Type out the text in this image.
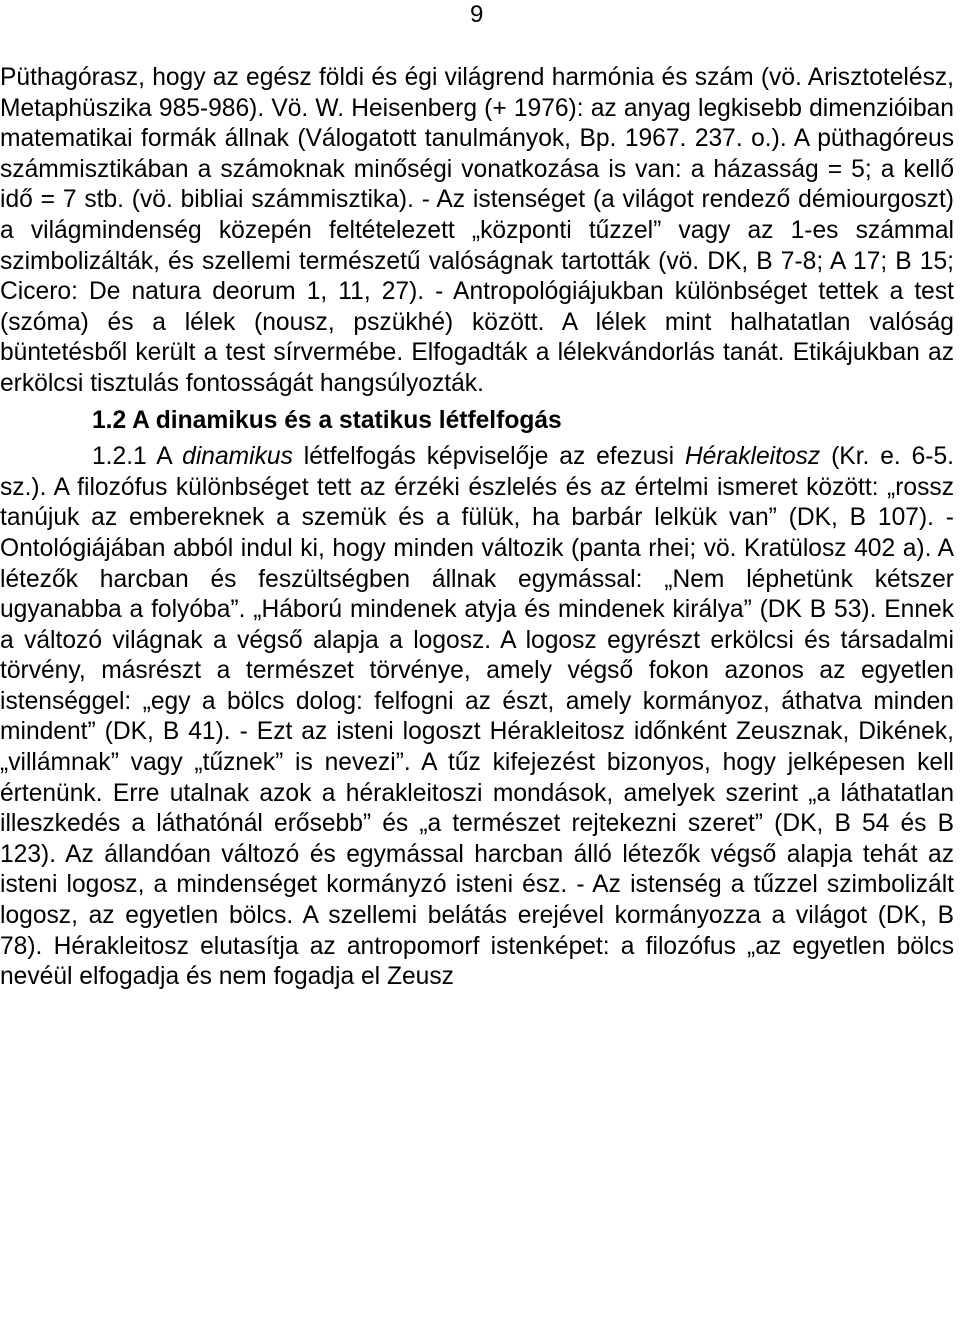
9

Püthagórasz, hogy az egész földi és égi világrend harmónia és szám (vö. Arisztotelész, Metaphüszika 985-986). Vö. W. Heisenberg (+ 1976): az anyag legkisebb dimenzióiban matematikai formák állnak (Válogatott tanulmányok, Bp. 1967. 237. o.). A püthagóreus számmisztikában a számoknak minőségi vonatkozása is van: a házasság = 5; a kellő idő = 7 stb. (vö. bibliai számmisztika). - Az istenséget (a világot rendező démiourgoszt) a világmindenség közepén feltételezett „központi tűzzel” vagy az 1-es számmal szimbolizálták, és szellemi természetű valóságnak tartották (vö. DK, B 7-8; A 17; B 15; Cicero: De natura deorum 1, 11, 27). - Antropológiájukban különbséget tettek a test (szóma) és a lélek (nousz, pszükhé) között. A lélek mint halhatatlan valóság büntetésből került a test sírvermébe. Elfogadták a lélekvándorlás tanát. Etikájukban az erkölcsi tisztulás fontosságát hangsúlyozták.

1.2 A dinamikus és a statikus létfelfogás

1.2.1 A dinamikus létfelfogás képviselője az efezusi Hérakleitosz (Kr. e. 6-5. sz.). A filozófus különbséget tett az érzéki észlelés és az értelmi ismeret között: „rossz tanújuk az embereknek a szemük és a fülük, ha barbár lelkük van” (DK, B 107). - Ontológiájában abból indul ki, hogy minden változik (panta rhei; vö. Kratülosz 402 a). A létezők harcban és feszültségben állnak egymással: „Nem léphetünk kétszer ugyanabba a folyóba”. „Háború mindenek atyja és mindenek királya” (DK B 53). Ennek a változó világnak a végső alapja a logosz. A logosz egyrészt erkölcsi és társadalmi törvény, másrészt a természet törvénye, amely végső fokon azonos az egyetlen istenséggel: „egy a bölcs dolog: felfogni az észt, amely kormányoz, áthatva minden mindent” (DK, B 41). - Ezt az isteni logoszt Hérakleitosz időnként Zeusznak, Dikének, „villámnak” vagy „tűznek” is nevezi”. A tűz kifejezést bizonyos, hogy jelképesen kell értenünk. Erre utalnak azok a hérakleitoszi mondások, amelyek szerint „a láthatatlan illeszkedés a láthatónál erősebb” és „a természet rejtekezni szeret” (DK, B 54 és B 123). Az állandóan változó és egymással harcban álló létezők végső alapja tehát az isteni logosz, a mindenséget kormányzó isteni ész. - Az istenség a tűzzel szimbolizált logosz, az egyetlen bölcs. A szellemi belátás erejével kormányozza a világot (DK, B 78). Hérakleitosz elutasítja az antropomorf istenképet: a filozófus „az egyetlen bölcs nevéül elfogadja és nem fogadja el Zeusz
